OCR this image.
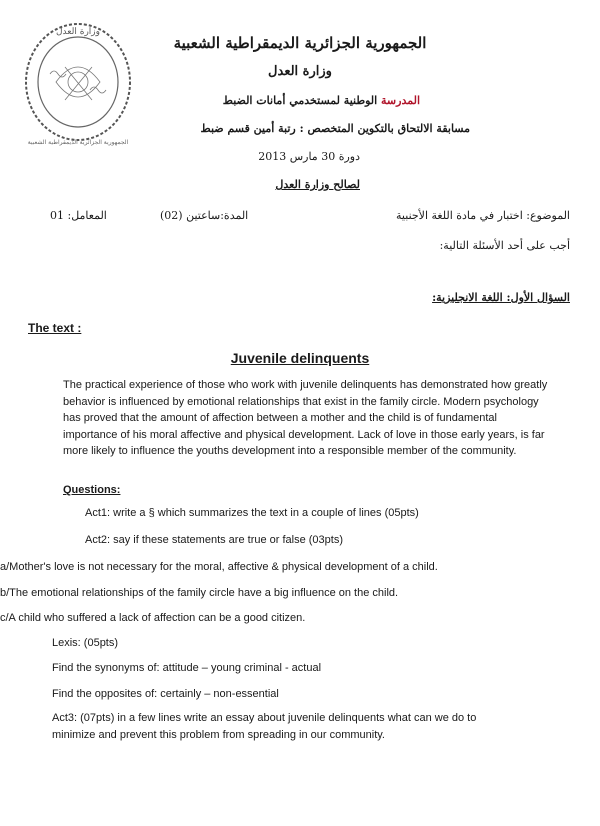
وزارة العدل
الجمهورية الجزائرية الديمقراطية الشعبية
الجمهورية الجزائرية الديمقراطية الشعبية
وزارة العدل
المدرسة الوطنية لمستخدمي أمانات الضبط
مسابقة الالتحاق بالتكوين المتخصص : رتبة أمين قسم ضبط
دورة 30 مارس 2013
لصالح وزارة العدل
الموضوع: اختبار في مادة اللغة الأجنبية
المدة:ساعتين (02)
المعامل: 01
أجب على أحد الأسئلة التالية:
السؤال الأول: اللغة الانجليزية:
The text :
Juvenile delinquents
The practical experience of those who work with juvenile delinquents has demonstrated how greatly behavior is influenced by emotional relationships that exist in the family circle. Modern psychology has proved that the amount of affection between a mother and the child is of fundamental importance of his moral affective and physical development. Lack of love in those early years, is far more likely to influence the youths development into a responsible member of the community.
Questions:
Act1: write a § which summarizes the text in a couple of lines (05pts)
Act2: say if these statements are true or false (03pts)
a/Mother's love is not necessary for the moral, affective & physical development of a child.
b/The emotional relationships of the family circle have a big influence on the child.
c/A child who suffered a lack of affection can be a good citizen.
Lexis: (05pts)
Find the synonyms of: attitude – young criminal - actual
Find the opposites of: certainly – non-essential
Act3: (07pts) in a few lines write an essay about juvenile delinquents what can we do to
minimize and prevent this problem from spreading in our community.
